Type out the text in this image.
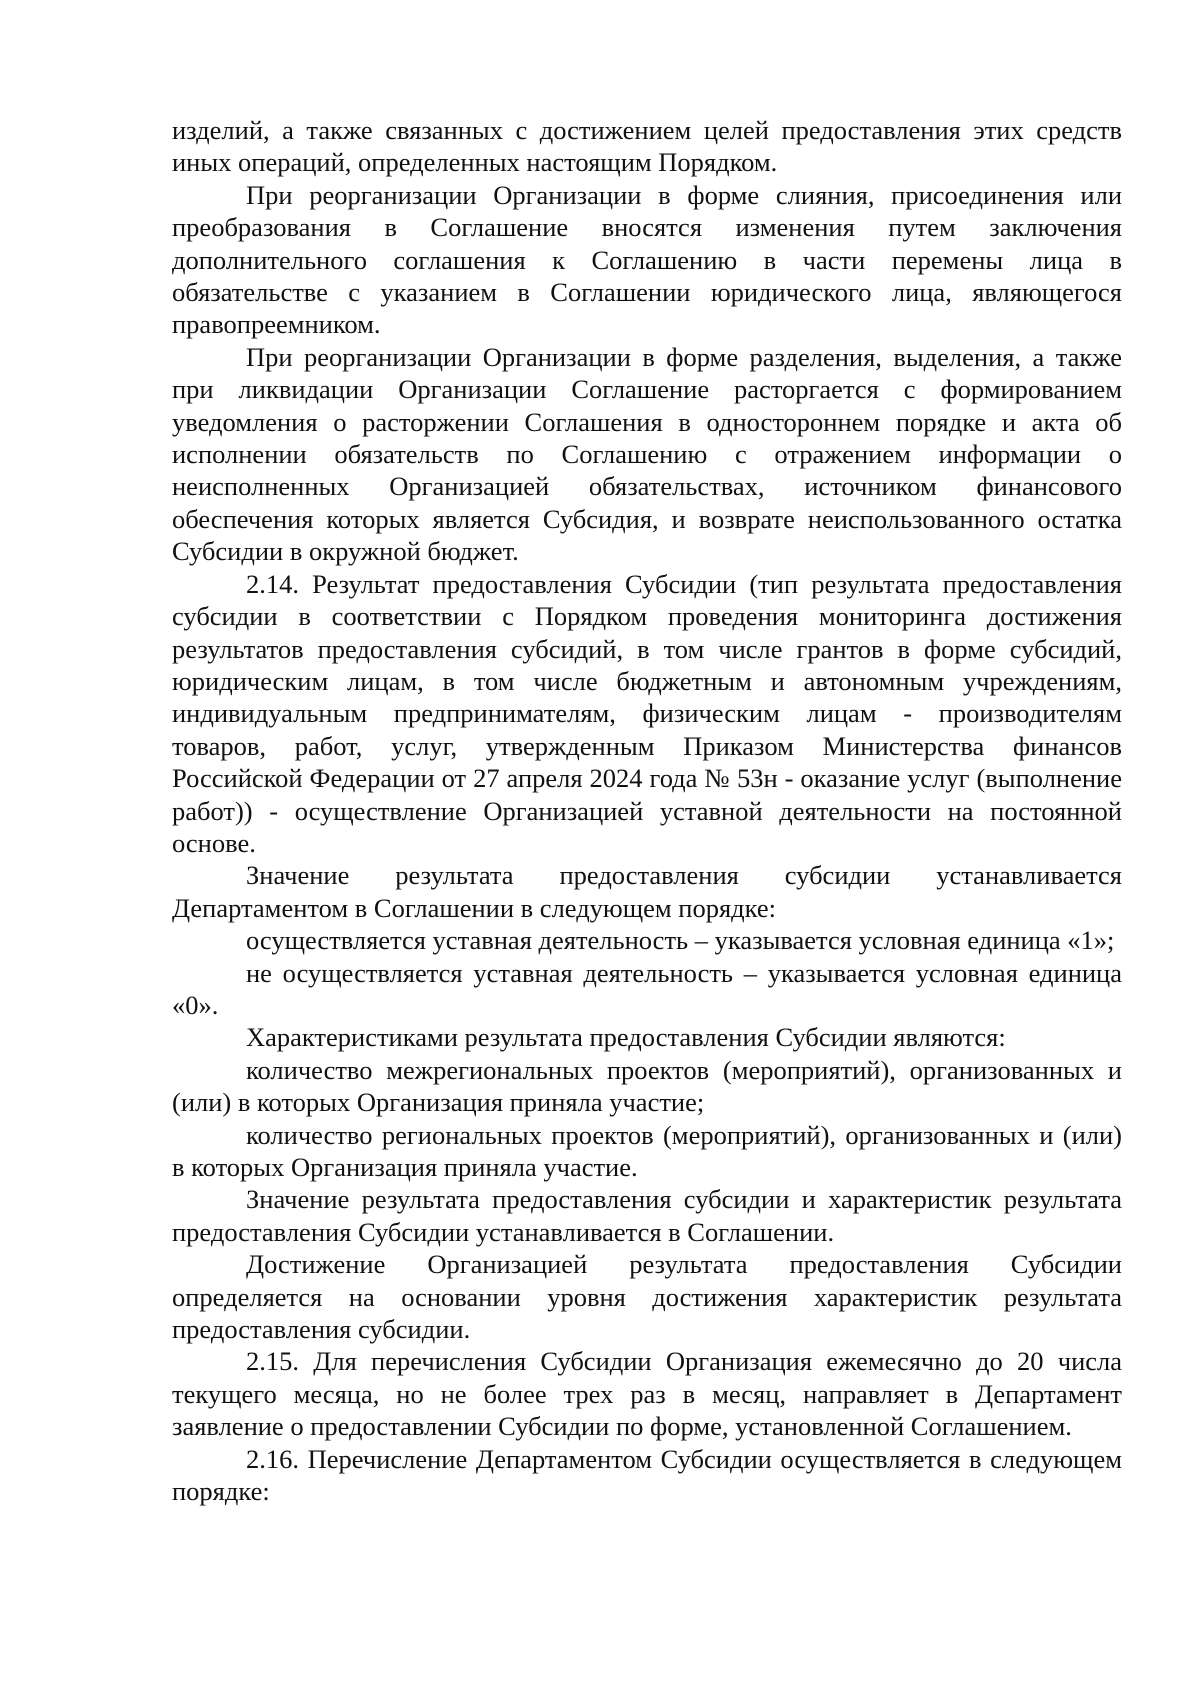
изделий, а также связанных с достижением целей предоставления этих средств иных операций, определенных настоящим Порядком.

При реорганизации Организации в форме слияния, присоединения или преобразования в Соглашение вносятся изменения путем заключения дополнительного соглашения к Соглашению в части перемены лица в обязательстве с указанием в Соглашении юридического лица, являющегося правопреемником.

При реорганизации Организации в форме разделения, выделения, а также при ликвидации Организации Соглашение расторгается с формированием уведомления о расторжении Соглашения в одностороннем порядке и акта об исполнении обязательств по Соглашению с отражением информации о неисполненных Организацией обязательствах, источником финансового обеспечения которых является Субсидия, и возврате неиспользованного остатка Субсидии в окружной бюджет.

2.14. Результат предоставления Субсидии (тип результата предоставления субсидии в соответствии с Порядком проведения мониторинга достижения результатов предоставления субсидий, в том числе грантов в форме субсидий, юридическим лицам, в том числе бюджетным и автономным учреждениям, индивидуальным предпринимателям, физическим лицам - производителям товаров, работ, услуг, утвержденным Приказом Министерства финансов Российской Федерации от 27 апреля 2024 года № 53н - оказание услуг (выполнение работ)) - осуществление Организацией уставной деятельности на постоянной основе.

Значение результата предоставления субсидии устанавливается Департаментом в Соглашении в следующем порядке:

осуществляется уставная деятельность – указывается условная единица «1»;

не осуществляется уставная деятельность – указывается условная единица «0».

Характеристиками результата предоставления Субсидии являются:

количество межрегиональных проектов (мероприятий), организованных и (или) в которых Организация приняла участие;

количество региональных проектов (мероприятий), организованных и (или) в которых Организация приняла участие.

Значение результата предоставления субсидии и характеристик результата предоставления Субсидии устанавливается в Соглашении.

Достижение Организацией результата предоставления Субсидии определяется на основании уровня достижения характеристик результата предоставления субсидии.

2.15. Для перечисления Субсидии Организация ежемесячно до 20 числа текущего месяца, но не более трех раз в месяц, направляет в Департамент заявление о предоставлении Субсидии по форме, установленной Соглашением.

2.16. Перечисление Департаментом Субсидии осуществляется в следующем порядке:
